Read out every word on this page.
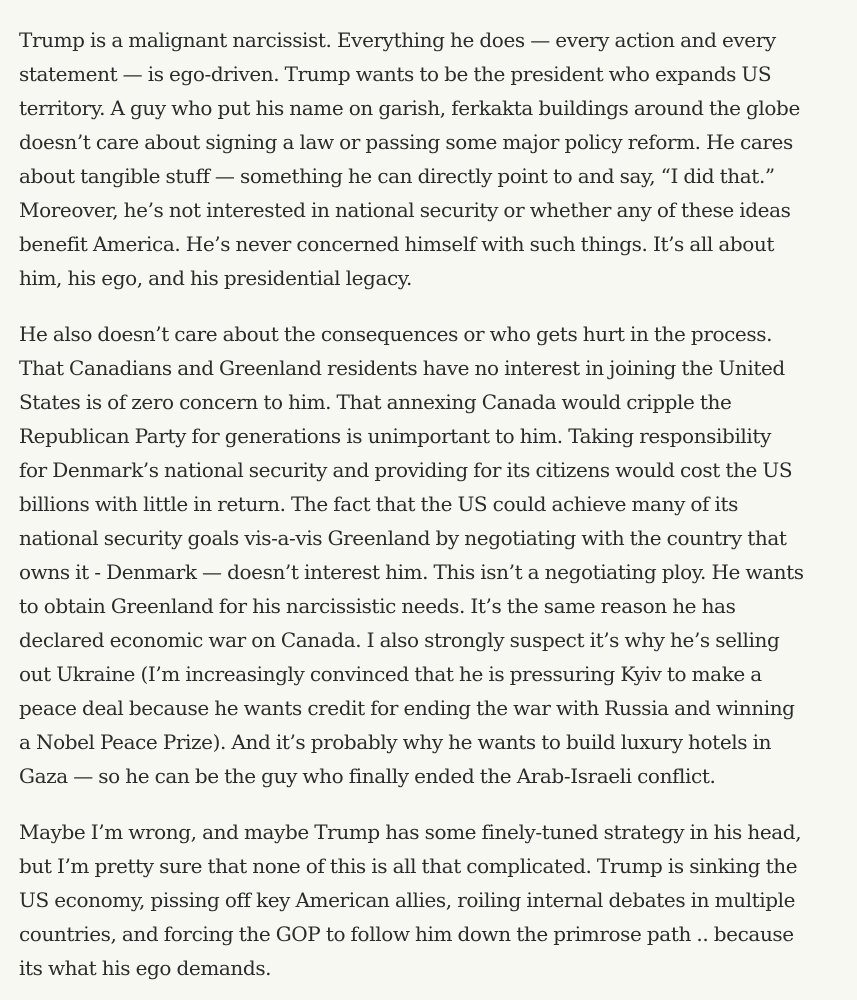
Trump is a malignant narcissist. Everything he does — every action and every
statement — is ego-driven. Trump wants to be the president who expands US
territory. A guy who put his name on garish, ferkakta buildings around the globe
doesn’t care about signing a law or passing some major policy reform. He cares
about tangible stuff — something he can directly point to and say, “I did that.”
Moreover, he’s not interested in national security or whether any of these ideas
benefit America. He’s never concerned himself with such things. It’s all about
him, his ego, and his presidential legacy.

He also doesn’t care about the consequences or who gets hurt in the process.
That Canadians and Greenland residents have no interest in joining the United
States is of zero concern to him. That annexing Canada would cripple the
Republican Party for generations is unimportant to him. Taking responsibility
for Denmark’s national security and providing for its citizens would cost the US
billions with little in return. The fact that the US could achieve many of its
national security goals vis-a-vis Greenland by negotiating with the country that
owns it - Denmark — doesn’t interest him. This isn’t a negotiating ploy. He wants
to obtain Greenland for his narcissistic needs. It’s the same reason he has
declared economic war on Canada. I also strongly suspect it’s why he’s selling
out Ukraine (I’m increasingly convinced that he is pressuring Kyiv to make a
peace deal because he wants credit for ending the war with Russia and winning
a Nobel Peace Prize). And it’s probably why he wants to build luxury hotels in
Gaza — so he can be the guy who finally ended the Arab-Israeli conflict.

Maybe I’m wrong, and maybe Trump has some finely-tuned strategy in his head,
but I’m pretty sure that none of this is all that complicated. Trump is sinking the
US economy, pissing off key American allies, roiling internal debates in multiple
countries, and forcing the GOP to follow him down the primrose path .. because
its what his ego demands.
